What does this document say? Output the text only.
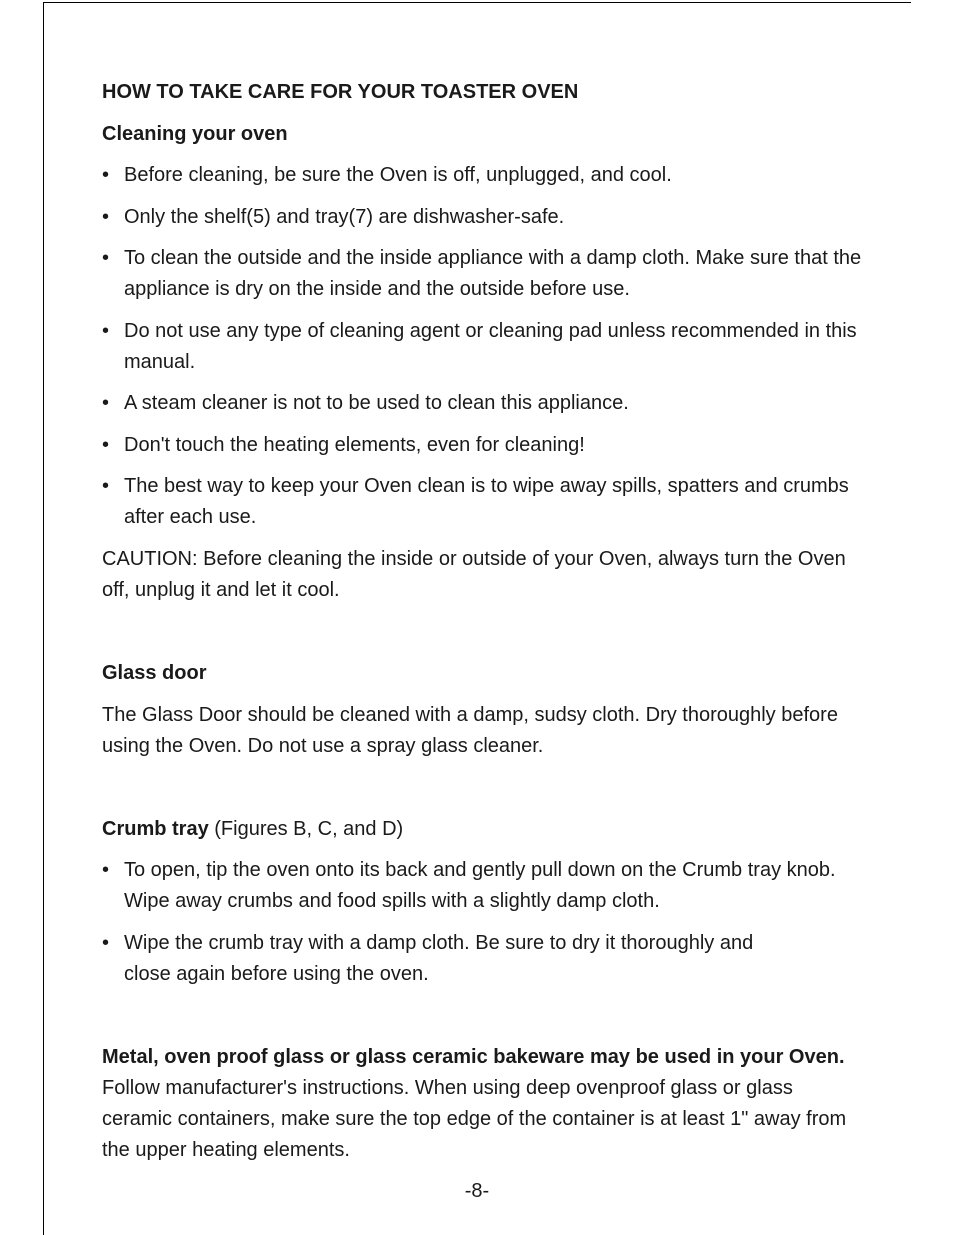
HOW TO TAKE CARE FOR YOUR TOASTER OVEN
Cleaning your oven
• Before cleaning, be sure the Oven is off, unplugged, and cool.
• Only the shelf(5) and tray(7) are dishwasher-safe.
• To clean the outside and the inside appliance with a damp cloth. Make sure that the appliance is dry on the inside and the outside before use.
• Do not use any type of cleaning agent or cleaning pad unless recommended in this manual.
• A steam cleaner is not to be used to clean this appliance.
• Don't touch the heating elements, even for cleaning!
• The best way to keep your Oven clean is to wipe away spills, spatters and crumbs after each use.
CAUTION: Before cleaning the inside or outside of your Oven, always turn the Oven off, unplug it and let it cool.
Glass door
The Glass Door should be cleaned with a damp, sudsy cloth. Dry thoroughly before using the Oven. Do not use a spray glass cleaner.
Crumb tray (Figures B, C, and D)
• To open, tip the oven onto its back and gently pull down on the Crumb tray knob. Wipe away crumbs and food spills with a slightly damp cloth.
• Wipe the crumb tray with a damp cloth. Be sure to dry it thoroughly and close again before using the oven.
Metal, oven proof glass or glass ceramic bakeware may be used in your Oven.
Follow manufacturer's instructions. When using deep ovenproof glass or glass ceramic containers, make sure the top edge of the container is at least 1" away from the upper heating elements.
-8-
